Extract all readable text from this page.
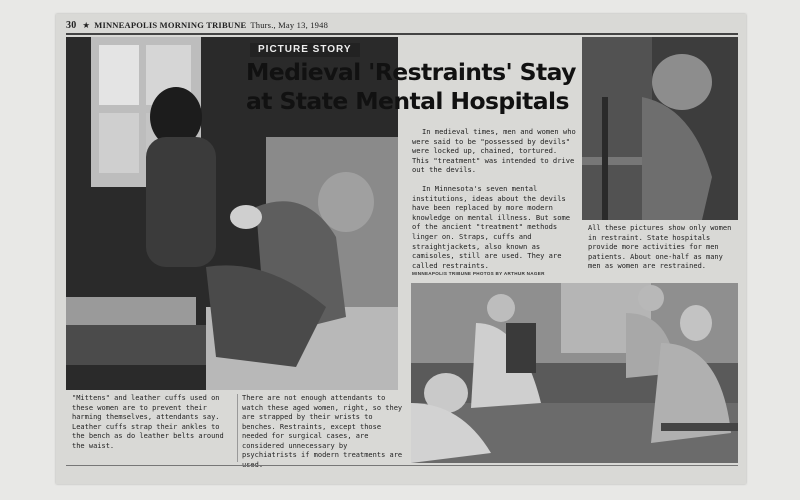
30 ★ MINNEAPOLIS MORNING TRIBUNE Thurs., May 13, 1948
PICTURE STORY
Medieval 'Restraints' Stay
at State Mental Hospitals

In medieval times, men and women who were said to be "possessed by devils" were locked up, chained, tortured. This "treatment" was intended to drive out the devils.

In Minnesota's seven mental institutions, ideas about the devils have been replaced by more modern knowledge on mental illness. But some of the ancient "treatment" methods linger on. Straps, cuffs and straightjackets, also known as camisoles, still are used. They are called restraints.

MINNEAPOLIS TRIBUNE PHOTOS BY ARTHUR NAGER
All these pictures show only women in restraint. State hospitals provide more activities for men patients. About one-half as many men as women are restrained.
"Mittens" and leather cuffs used on these women are to prevent their harming themselves, attendants say. Leather cuffs strap their ankles to the bench as do leather belts around the waist.
There are not enough attendants to watch these aged women, right, so they are strapped by their wrists to benches. Restraints, except those needed for surgical cases, are considered unnecessary by psychiatrists if modern treatments are
